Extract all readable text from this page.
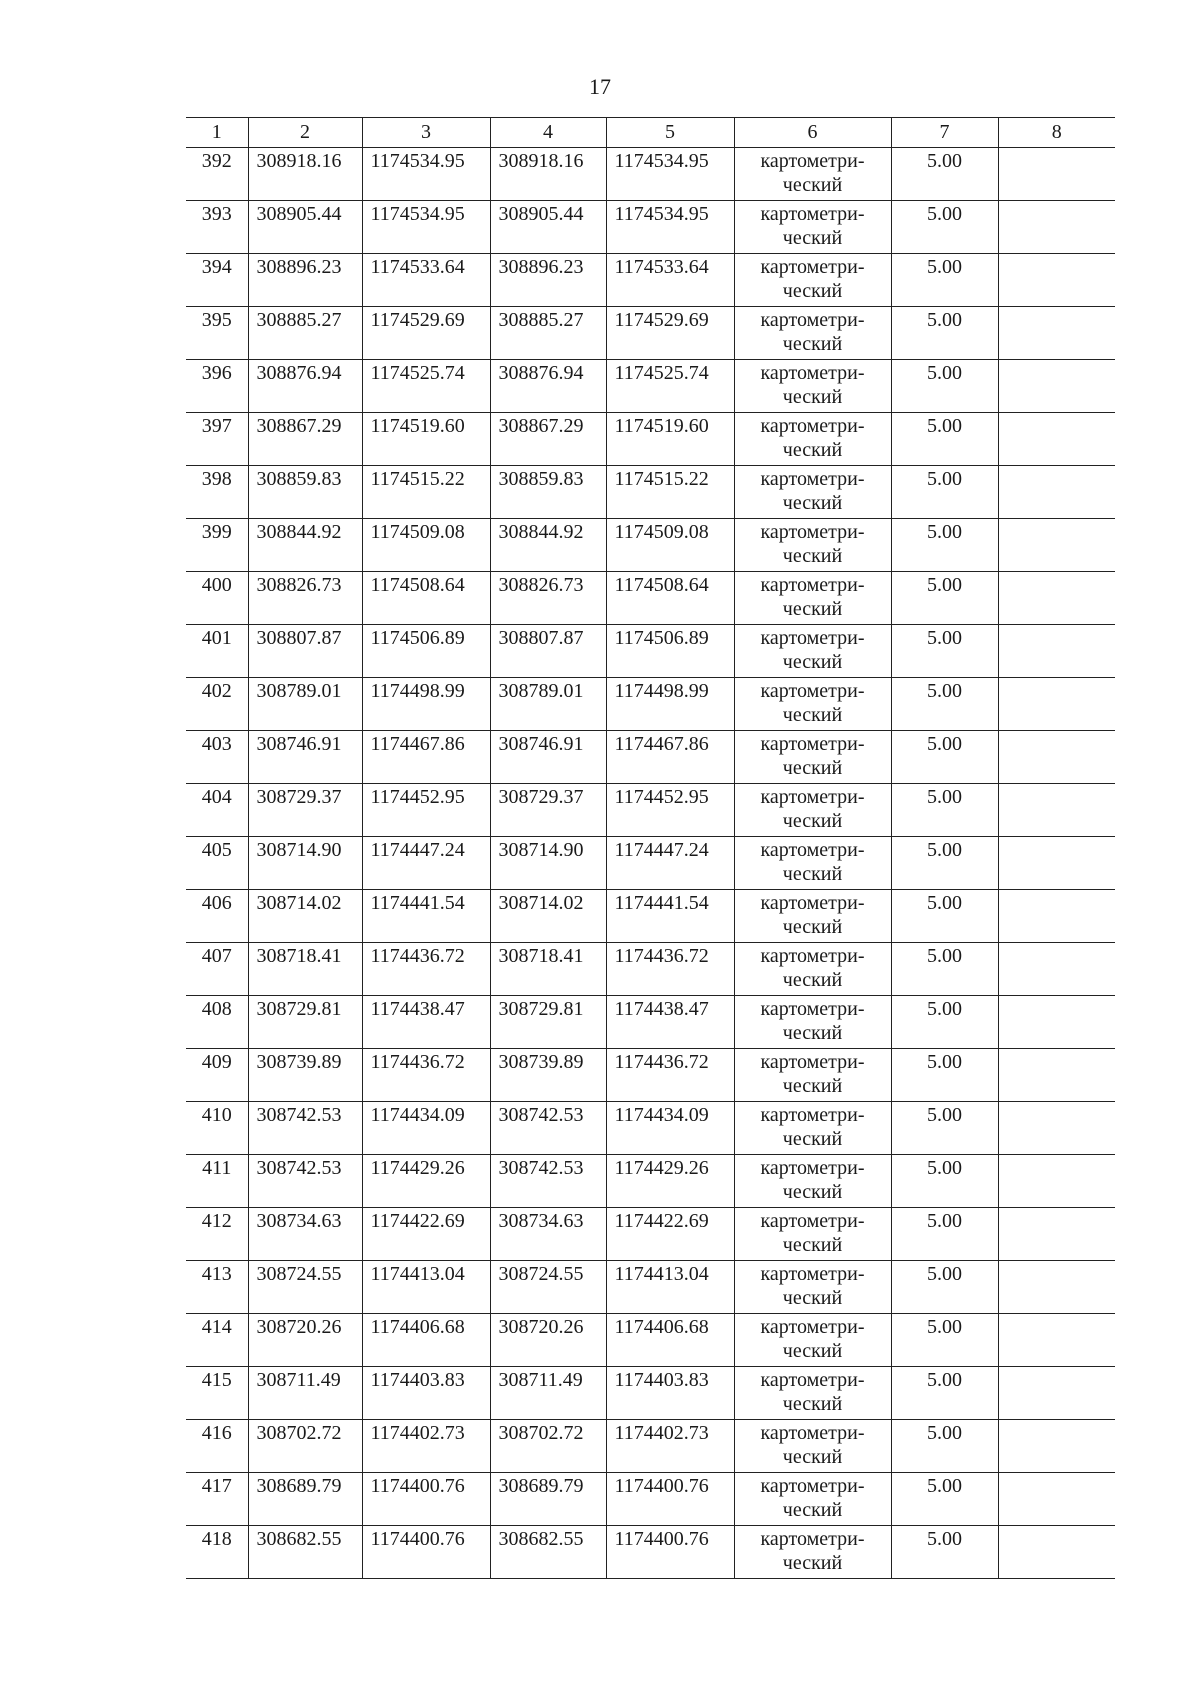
17
1	2	3	4	5	6	7	8
392	308918.16	1174534.95	308918.16	1174534.95	картометри-
ческий	5.00	
393	308905.44	1174534.95	308905.44	1174534.95	картометри-
ческий	5.00	
394	308896.23	1174533.64	308896.23	1174533.64	картометри-
ческий	5.00	
395	308885.27	1174529.69	308885.27	1174529.69	картометри-
ческий	5.00	
396	308876.94	1174525.74	308876.94	1174525.74	картометри-
ческий	5.00	
397	308867.29	1174519.60	308867.29	1174519.60	картометри-
ческий	5.00	
398	308859.83	1174515.22	308859.83	1174515.22	картометри-
ческий	5.00	
399	308844.92	1174509.08	308844.92	1174509.08	картометри-
ческий	5.00	
400	308826.73	1174508.64	308826.73	1174508.64	картометри-
ческий	5.00	
401	308807.87	1174506.89	308807.87	1174506.89	картометри-
ческий	5.00	
402	308789.01	1174498.99	308789.01	1174498.99	картометри-
ческий	5.00	
403	308746.91	1174467.86	308746.91	1174467.86	картометри-
ческий	5.00	
404	308729.37	1174452.95	308729.37	1174452.95	картометри-
ческий	5.00	
405	308714.90	1174447.24	308714.90	1174447.24	картометри-
ческий	5.00	
406	308714.02	1174441.54	308714.02	1174441.54	картометри-
ческий	5.00	
407	308718.41	1174436.72	308718.41	1174436.72	картометри-
ческий	5.00	
408	308729.81	1174438.47	308729.81	1174438.47	картометри-
ческий	5.00	
409	308739.89	1174436.72	308739.89	1174436.72	картометри-
ческий	5.00	
410	308742.53	1174434.09	308742.53	1174434.09	картометри-
ческий	5.00	
411	308742.53	1174429.26	308742.53	1174429.26	картометри-
ческий	5.00	
412	308734.63	1174422.69	308734.63	1174422.69	картометри-
ческий	5.00	
413	308724.55	1174413.04	308724.55	1174413.04	картометри-
ческий	5.00	
414	308720.26	1174406.68	308720.26	1174406.68	картометри-
ческий	5.00	
415	308711.49	1174403.83	308711.49	1174403.83	картометри-
ческий	5.00	
416	308702.72	1174402.73	308702.72	1174402.73	картометри-
ческий	5.00	
417	308689.79	1174400.76	308689.79	1174400.76	картометри-
ческий	5.00	
418	308682.55	1174400.76	308682.55	1174400.76	картометри-
ческий	5.00	
